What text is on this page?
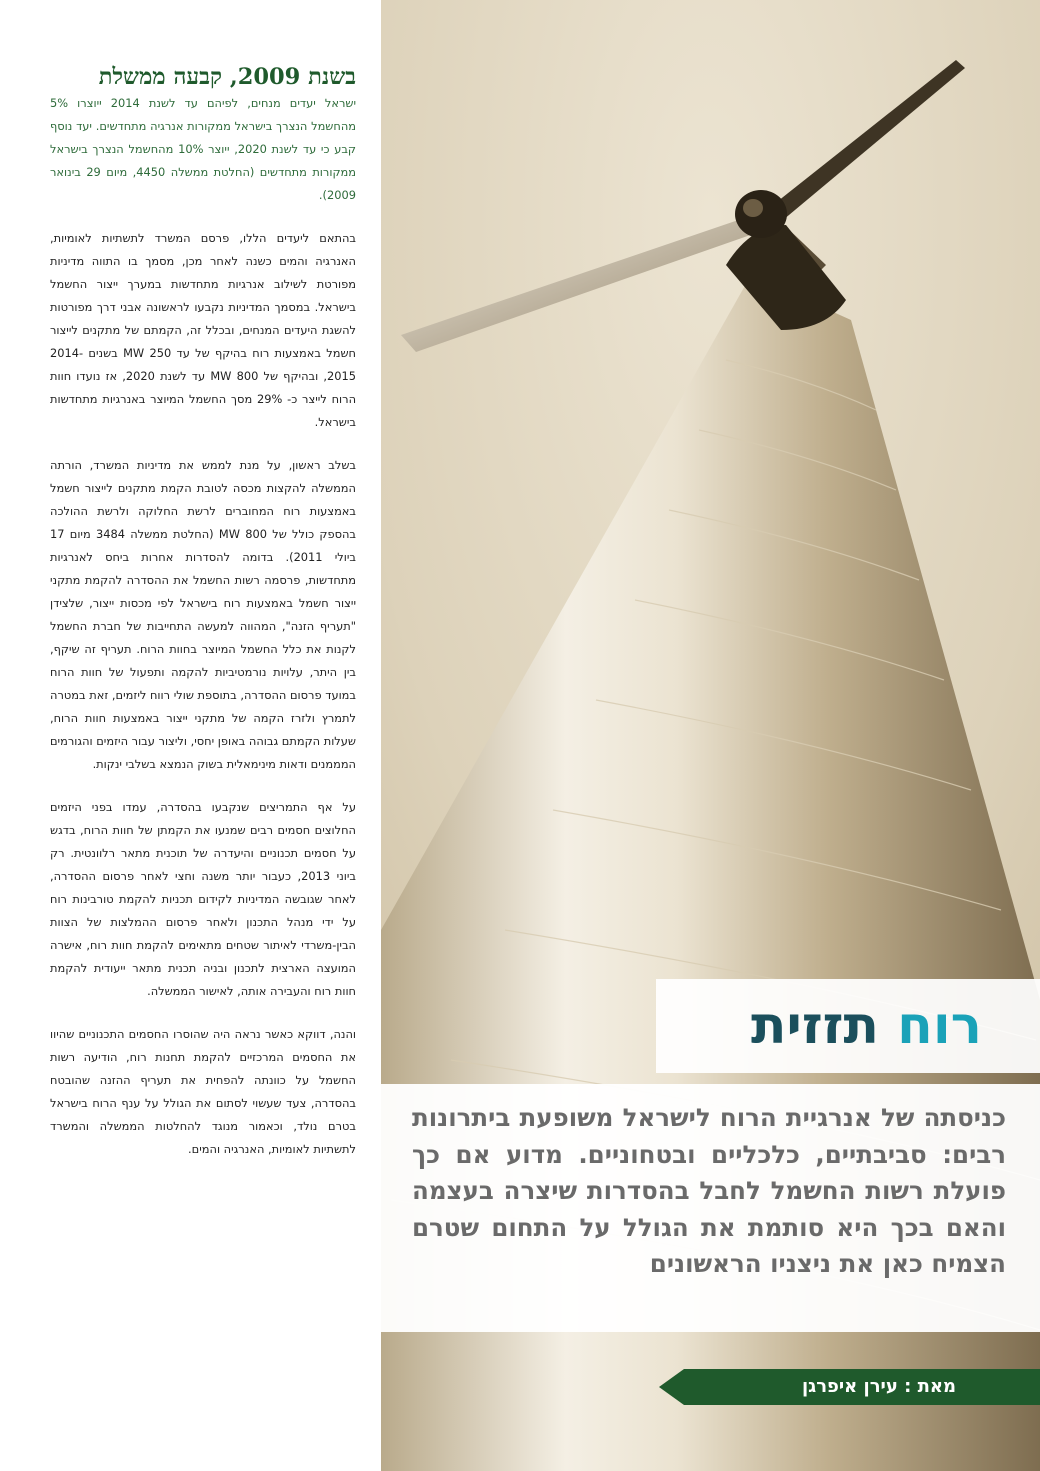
בשנת 2009, קבעה ממשלת

ישראל יעדים מנחים, לפיהם עד לשנת 2014 ייוצרו 5% מהחשמל הנצרך בישראל ממקורות אנרגיה מתחדשים. יעד נוסף קבע כי עד לשנת 2020, ייוצר 10% מהחשמל הנצרך בישראל ממקורות מתחדשים (החלטת ממשלה 4450, מיום 29 בינואר 2009).

בהתאם ליעדים הללו, פרסם המשרד לתשתיות לאומיות, האנרגיה והמים כשנה לאחר מכן, מסמך בו התווה מדיניות מפורטת לשילוב אנרגיות מתחדשות במערך ייצור החשמל בישראל. במסמך המדיניות נקבעו לראשונה אבני דרך מפורטות להשגת היעדים המנחים, ובכלל זה, הקמתם של מתקנים לייצור חשמל באמצעות רוח בהיקף של עד MW 250 בשנים 2014-2015, ובהיקף של MW 800 עד לשנת 2020, אז נועדו חוות הרוח לייצר כ- 29% מסך החשמל המיוצר באנרגיות מתחדשות בישראל.

בשלב ראשון, על מנת לממש את מדיניות המשרד, הורתה הממשלה להקצות מכסה לטובת הקמת מתקנים לייצור חשמל באמצעות רוח המחוברים לרשת החלוקה ולרשת ההולכה בהספק כולל של MW 800 (החלטת ממשלה 3484 מיום 17 ביולי 2011). בדומה להסדרות אחרות ביחס לאנרגיות מתחדשות, פרסמה רשות החשמל את ההסדרה להקמת מתקני ייצור חשמל באמצעות רוח בישראל לפי מכסות ייצור, שלצידן "תעריף הזנה", המהווה למעשה התחייבות של חברת החשמל לקנות את כלל החשמל המיוצר בחוות הרוח. תעריף זה שיקף, בין היתר, עלויות נורמטיביות להקמה ותפעול של חוות הרוח במועד פרסום ההסדרה, בתוספת שולי רווח ליזמים, זאת במטרה לתמרץ ולזרז הקמה של מתקני ייצור באמצעות חוות הרוח, שעלות הקמתם גבוהה באופן יחסי, וליצור עבור היזמים והגורמים המממנים ודאות מינימאלית בשוק הנמצא בשלבי ינקות.

על אף התמריצים שנקבעו בהסדרה, עמדו בפני היזמים החלוצים חסמים רבים שמנעו את הקמתן של חוות הרוח, בדגש על חסמים תכנוניים והיעדרה של תוכנית מתאר רלוונטית. רק ביוני 2013, כעבור יותר משנה וחצי לאחר פרסום ההסדרה, לאחר שגובשה המדיניות לקידום תכניות להקמת טורבינות רוח על ידי מנהל התכנון ולאחר פרסום ההמלצות של הצוות הבין-משרדי לאיתור שטחים מתאימים להקמת חוות רוח, אישרה המועצה הארצית לתכנון ובניה תכנית מתאר ייעודית להקמת חוות רוח והעבירה אותה, לאישור הממשלה.

והנה, דווקא כאשר נראה היה שהוסרו החסמים התכנוניים שהיוו את החסמים המרכזיים להקמת תחנות רוח, הודיעה רשות החשמל על כוונתה להפחית את תעריף ההזנה שהובטח בהסדרה, צעד שעשוי לסתום את הגולל על ענף הרוח בישראל בטרם נולד, וכאמור מנוגד להחלטות הממשלה והמשרד לתשתיות לאומיות, האנרגיה והמים.

רוח תזזית

כניסתה של אנרגיית הרוח לישראל משופעת ביתרונות רבים: סביבתיים, כלכליים ובטחוניים. מדוע אם כך פועלת רשות החשמל לחבל בהסדרות שיצרה בעצמה והאם בכך היא סותמת את הגולל על התחום שטרם הצמיח כאן את ניצניו הראשונים

מאת : עירן איפרגן
